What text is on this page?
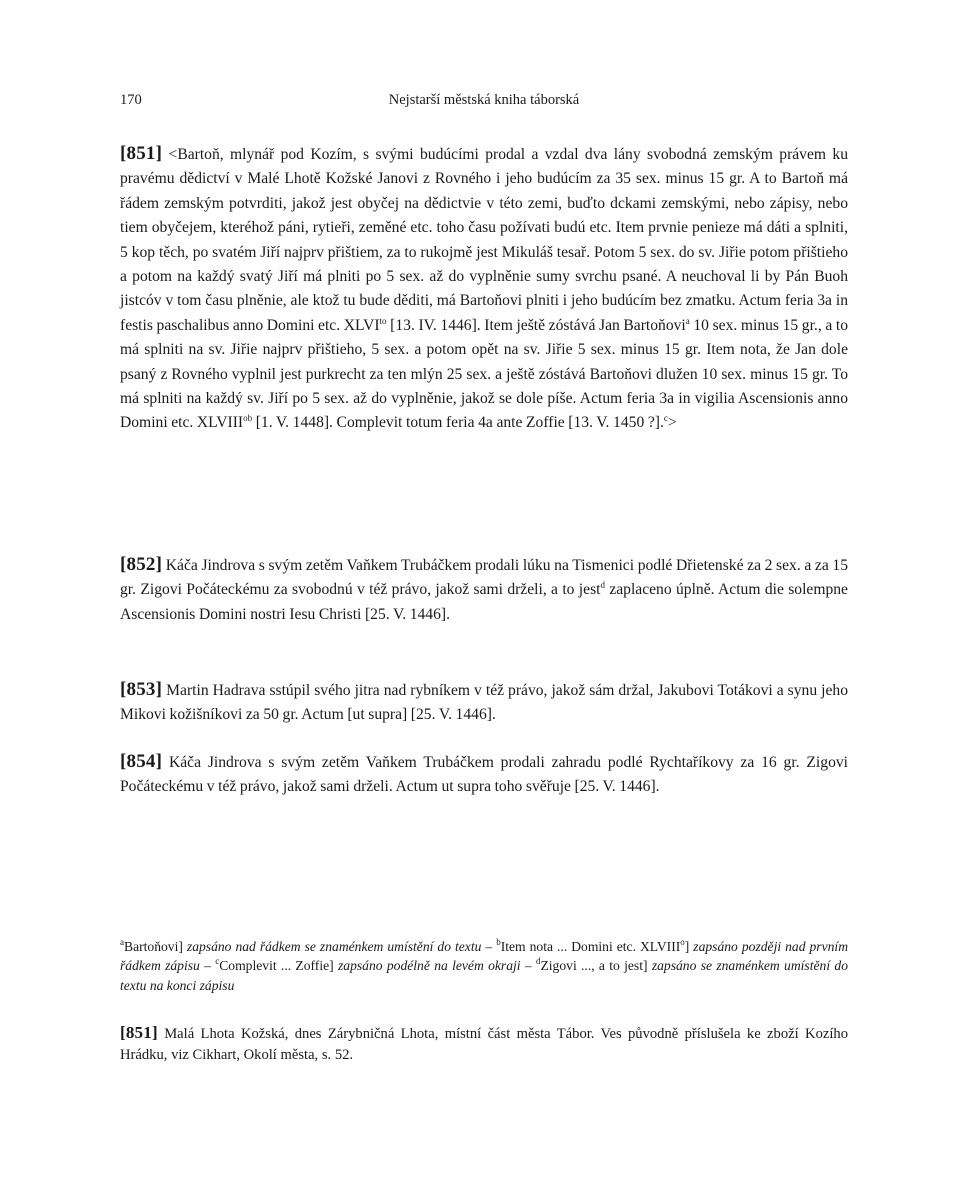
170	Nejstarší městská kniha táborská
[851] <Bartoň, mlynář pod Kozím, s svými budúcími prodal a vzdal dva lány svobodná zemským právem ku pravému dědictví v Malé Lhotě Kožské Janovi z Rovného i jeho budúcím za 35 sex. minus 15 gr. A to Bartoň má řádem zemským potvrditi, jakož jest obyčej na dědictvie v této zemi, buďto dckami zemskými, nebo zápisy, nebo tiem obyčejem, kteréhož páni, rytieři, zeměné etc. toho času požívati budú etc. Item prvnie penieze má dáti a splniti, 5 kop těch, po svatém Jiří najprv přištiem, za to rukojmě jest Mikuláš tesař. Potom 5 sex. do sv. Jiřie potom přištieho a potom na každý svatý Jiří má plniti po 5 sex. až do vyplněnie sumy svrchu psané. A neuchoval li by Pán Buoh jistcóv v tom času plněnie, ale ktož tu bude děditi, má Bartoňovi plniti i jeho budúcím bez zmatku. Actum feria 3a in festis paschalibus anno Domini etc. $XLVI^{to}$ [13. IV. 1446]. Item ještě zóstává Jan Bartoňovi$^a$ 10 sex. minus 15 gr., a to má splniti na sv. Jiřie najprv přištieho, 5 sex. a potom opět na sv. Jiřie 5 sex. minus 15 gr. Item nota, že Jan dole psaný z Rovného vyplnil jest purkrecht za ten mlýn 25 sex. a ještě zóstává Bartoňovi dlužen 10 sex. minus 15 gr. To má splniti na každý sv. Jiří po 5 sex. až do vyplněnie, jakož se dole píše. Actum feria 3a in vigilia Ascensionis anno Domini etc. $XLVIII^{ob}$ [1. V. 1448]. Complevit totum feria 4a ante Zoffie [13. V. 1450 ?].$^c$>
[852] Káča Jindrova s svým zetěm Vaňkem Trubáčkem prodali lúku na Tismenici podlé Dřietenské za 2 sex. a za 15 gr. Zigovi Počáteckému za svobodnú v též právo, jakož sami drželi, a to jest$^d$ zaplaceno úplně. Actum die solempne Ascensionis Domini nostri Iesu Christi [25. V. 1446].
[853] Martin Hadrava sstúpil svého jitra nad rybníkem v též právo, jakož sám držal, Jakubovi Totákovi a synu jeho Mikovi kožišníkovi za 50 gr. Actum [ut supra] [25. V. 1446].
[854] Káča Jindrova s svým zetěm Vaňkem Trubáčkem prodali zahradu podlé Rychtaříkovy za 16 gr. Zigovi Počáteckému v též právo, jakož sami drželi. Actum ut supra toho svěřuje [25. V. 1446].
$^a$Bartoňovi] zapsáno nad řádkem se znaménkem umístění do textu – $^b$Item nota ... Domini etc. XLVIII$^o$] zapsáno později nad prvním řádkem zápisu – $^c$Complevit ... Zoffie] zapsáno podélně na levém okraji – $^d$Zigovi ..., a to jest] zapsáno se znaménkem umístění do textu na konci zápisu
[851] Malá Lhota Kožská, dnes Zárybničná Lhota, místní část města Tábor. Ves původně příslušela ke zboží Kozího Hrádku, viz Cikhart, Okolí města, s. 52.
